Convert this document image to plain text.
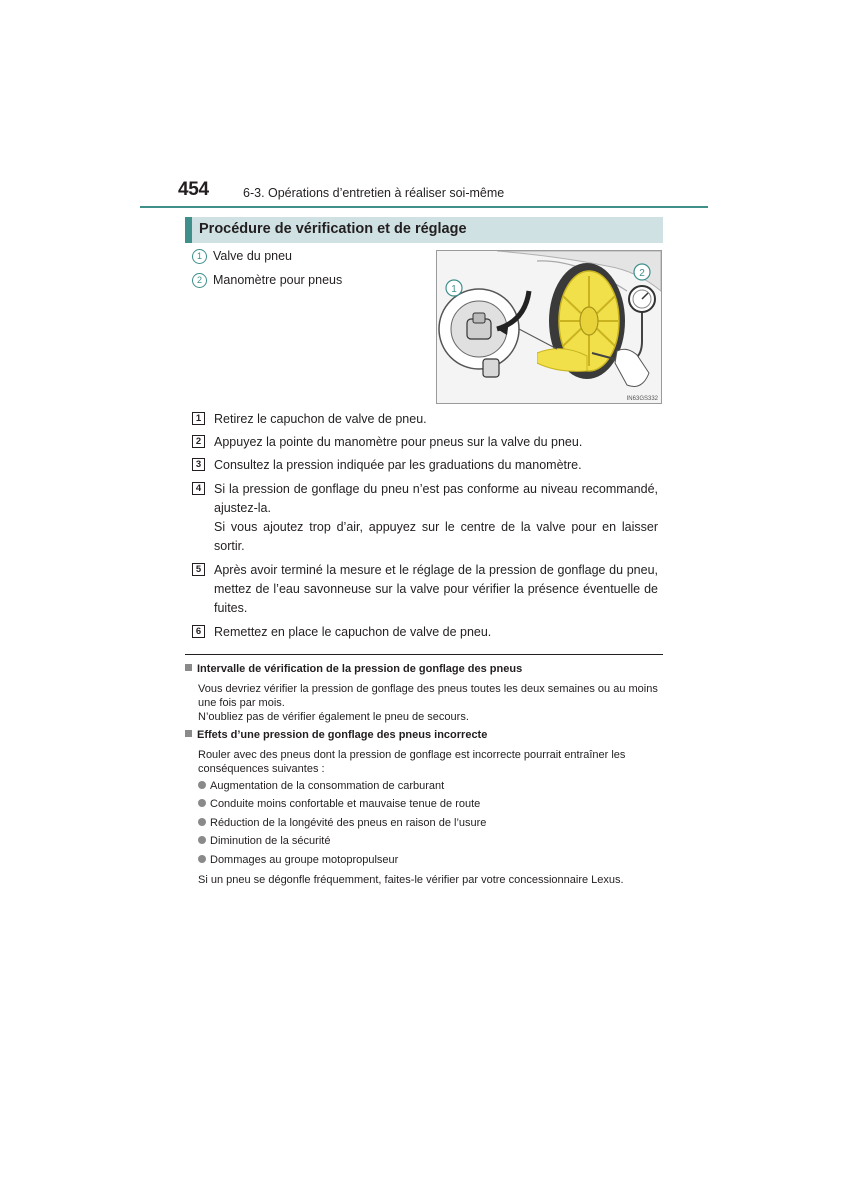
454	6-3. Opérations d’entretien à réaliser soi-même
Procédure de vérification et de réglage
1 Valve du pneu
2 Manomètre pour pneus
1
2
IN63GS332
1	Retirez le capuchon de valve de pneu.

2	Appuyez la pointe du manomètre pour pneus sur la valve du pneu.

3	Consultez la pression indiquée par les graduations du manomètre.

4	Si la pression de gonflage du pneu n’est pas conforme au niveau recommandé, ajustez-la.

Si vous ajoutez trop d’air, appuyez sur le centre de la valve pour en laisser sortir.

5	Après avoir terminé la mesure et le réglage de la pression de gonflage du pneu, mettez de l’eau savonneuse sur la valve pour vérifier la présence éventuelle de fuites.

6	Remettez en place le capuchon de valve de pneu.

Intervalle de vérification de la pression de gonflage des pneus

Vous devriez vérifier la pression de gonflage des pneus toutes les deux semaines ou au moins une fois par mois.

N’oubliez pas de vérifier également le pneu de secours.

Effets d’une pression de gonflage des pneus incorrecte

Rouler avec des pneus dont la pression de gonflage est incorrecte pourrait entraîner les conséquences suivantes :

Augmentation de la consommation de carburant
Conduite moins confortable et mauvaise tenue de route
Réduction de la longévité des pneus en raison de l’usure
Diminution de la sécurité
Dommages au groupe motopropulseur

Si un pneu se dégonfle fréquemment, faites-le vérifier par votre concessionnaire Lexus.
